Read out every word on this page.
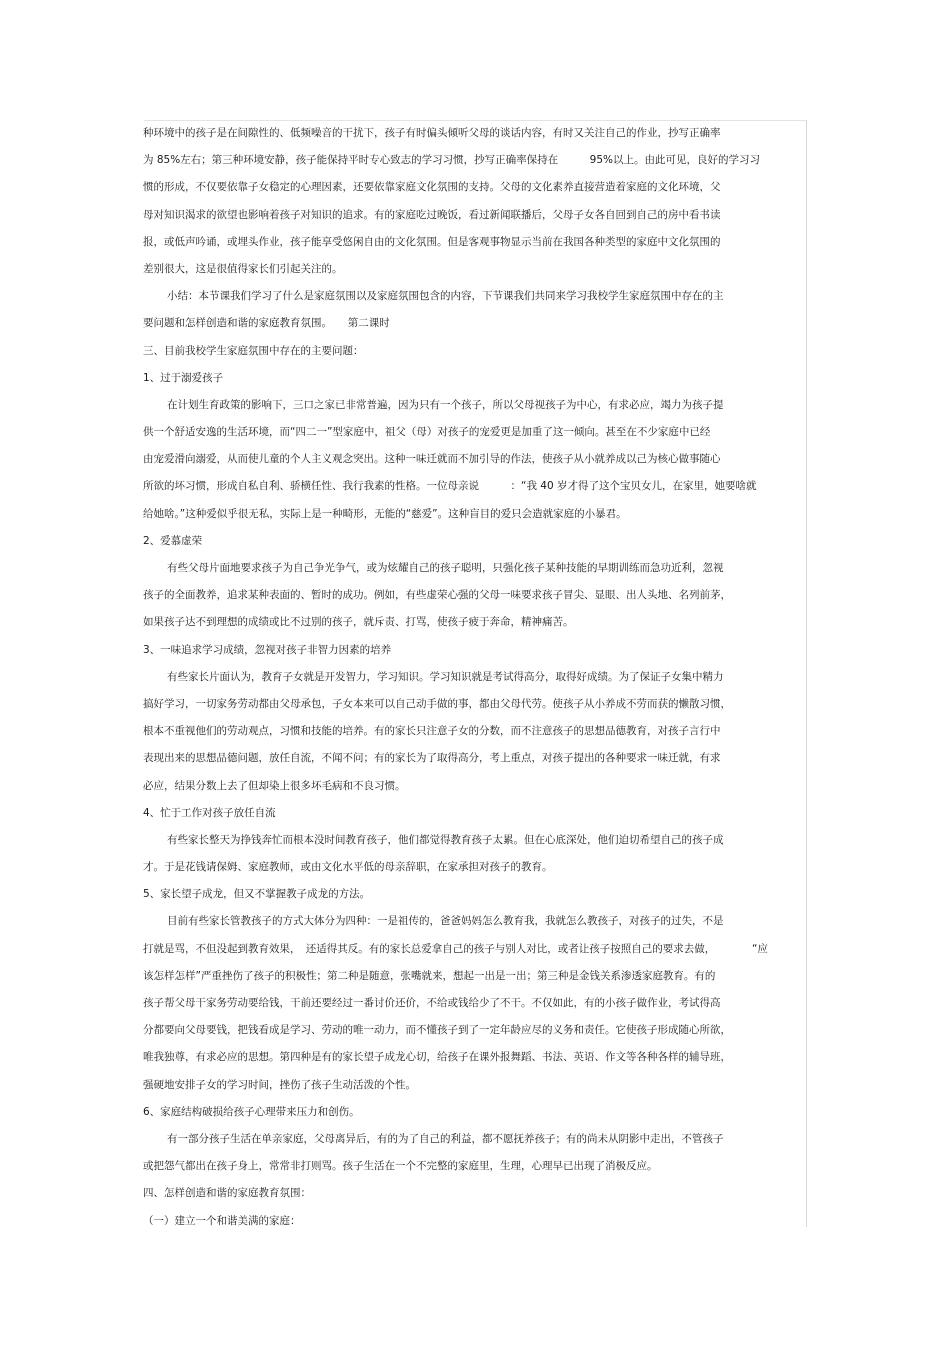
种环境中的孩子是在间隙性的、低频噪音的干扰下，孩子有时偏头倾听父母的谈话内容，有时又关注自己的作业，抄写正确率
为 85%左右；第三种环境安静，孩子能保持平时专心致志的学习习惯，抄写正确率保持在　　　95%以上。由此可见，良好的学习习
惯的形成，不仅要依靠子女稳定的心理因素，还要依靠家庭文化氛围的支持。父母的文化素养直接营造着家庭的文化环境，父
母对知识渴求的欲望也影响着孩子对知识的追求。有的家庭吃过晚饭，看过新闻联播后，父母子女各自回到自己的房中看书读
报，或低声吟诵，或埋头作业，孩子能享受悠闲自由的文化氛围。但是客观事物显示当前在我国各种类型的家庭中文化氛围的
差别很大，这是很值得家长们引起关注的。
小结：本节课我们学习了什么是家庭氛围以及家庭氛围包含的内容，下节课我们共同来学习我校学生家庭氛围中存在的主
要问题和怎样创造和谐的家庭教育氛围。　　第二课时
三、目前我校学生家庭氛围中存在的主要问题：
1、过于溺爱孩子
在计划生育政策的影响下，三口之家已非常普遍，因为只有一个孩子，所以父母视孩子为中心，有求必应，竭力为孩子提
供一个舒适安逸的生活环境，而“四二一”型家庭中，祖父（母）对孩子的宠爱更是加重了这一倾向。甚至在不少家庭中已经
由宠爱滑向溺爱，从而使儿童的个人主义观念突出。这种一味迁就而不加引导的作法，使孩子从小就养成以己为核心做事随心
所欲的坏习惯，形成自私自利、骄横任性、我行我素的性格。一位母亲说　　　：“我 40 岁才得了这个宝贝女儿，在家里，她要啥就
给她啥。”这种爱似乎很无私，实际上是一种畸形，无能的“慈爱”。这种盲目的爱只会造就家庭的小暴君。
2、爱慕虚荣
有些父母片面地要求孩子为自己争光争气，或为炫耀自己的孩子聪明，只强化孩子某种技能的早期训练而急功近利，忽视
孩子的全面教养，追求某种表面的、暂时的成功。例如，有些虚荣心强的父母一味要求孩子冒尖、显眼、出人头地、名列前茅，
如果孩子达不到理想的成绩或比不过别的孩子，就斥责、打骂，使孩子疲于奔命，精神痛苦。
3、一味追求学习成绩，忽视对孩子非智力因素的培养
有些家长片面认为，教育子女就是开发智力，学习知识。学习知识就是考试得高分，取得好成绩。为了保证子女集中精力
搞好学习，一切家务劳动都由父母承包，子女本来可以自己动手做的事，都由父母代劳。使孩子从小养成不劳而获的懒散习惯，
根本不重视他们的劳动观点，习惯和技能的培养。有的家长只注意子女的分数，而不注意孩子的思想品德教育，对孩子言行中
表现出来的思想品德问题，放任自流，不闻不问；有的家长为了取得高分，考上重点，对孩子提出的各种要求一味迁就，有求
必应，结果分数上去了但却染上很多坏毛病和不良习惯。
4、忙于工作对孩子放任自流
有些家长整天为挣钱奔忙而根本没时间教育孩子，他们都觉得教育孩子太累。但在心底深处，他们迫切希望自己的孩子成
才。于是花钱请保姆、家庭教师，或由文化水平低的母亲辞职，在家承担对孩子的教育。
5、家长望子成龙，但又不掌握教子成龙的方法。
目前有些家长管教孩子的方式大体分为四种：一是祖传的，爸爸妈妈怎么教育我，我就怎么教孩子，对孩子的过失，不是
打就是骂，不但没起到教育效果，　还适得其反。有的家长总爱拿自己的孩子与别人对比，或者让孩子按照自己的要求去做，　　　　“应
该怎样怎样”严重挫伤了孩子的积极性；第二种是随意，张嘴就来，想起一出是一出；第三种是金钱关系渗透家庭教育。有的
孩子帮父母干家务劳动要给钱，干前还要经过一番讨价还价，不给或钱给少了不干。不仅如此，有的小孩子做作业，考试得高
分都要向父母要钱，把钱看成是学习、劳动的唯一动力，而不懂孩子到了一定年龄应尽的义务和责任。它使孩子形成随心所欲，
唯我独尊，有求必应的思想。第四种是有的家长望子成龙心切，给孩子在课外报舞蹈、书法、英语、作文等各种各样的辅导班，
强硬地安排子女的学习时间，挫伤了孩子生动活泼的个性。
6、家庭结构破损给孩子心理带来压力和创伤。
有一部分孩子生活在单亲家庭，父母离异后，有的为了自己的利益，都不愿抚养孩子；有的尚未从阴影中走出，不管孩子
或把怨气都出在孩子身上，常常非打则骂。孩子生活在一个不完整的家庭里，生理，心理早已出现了消极反应。
四、怎样创造和谐的家庭教育氛围：
（一）建立一个和谐美满的家庭：
